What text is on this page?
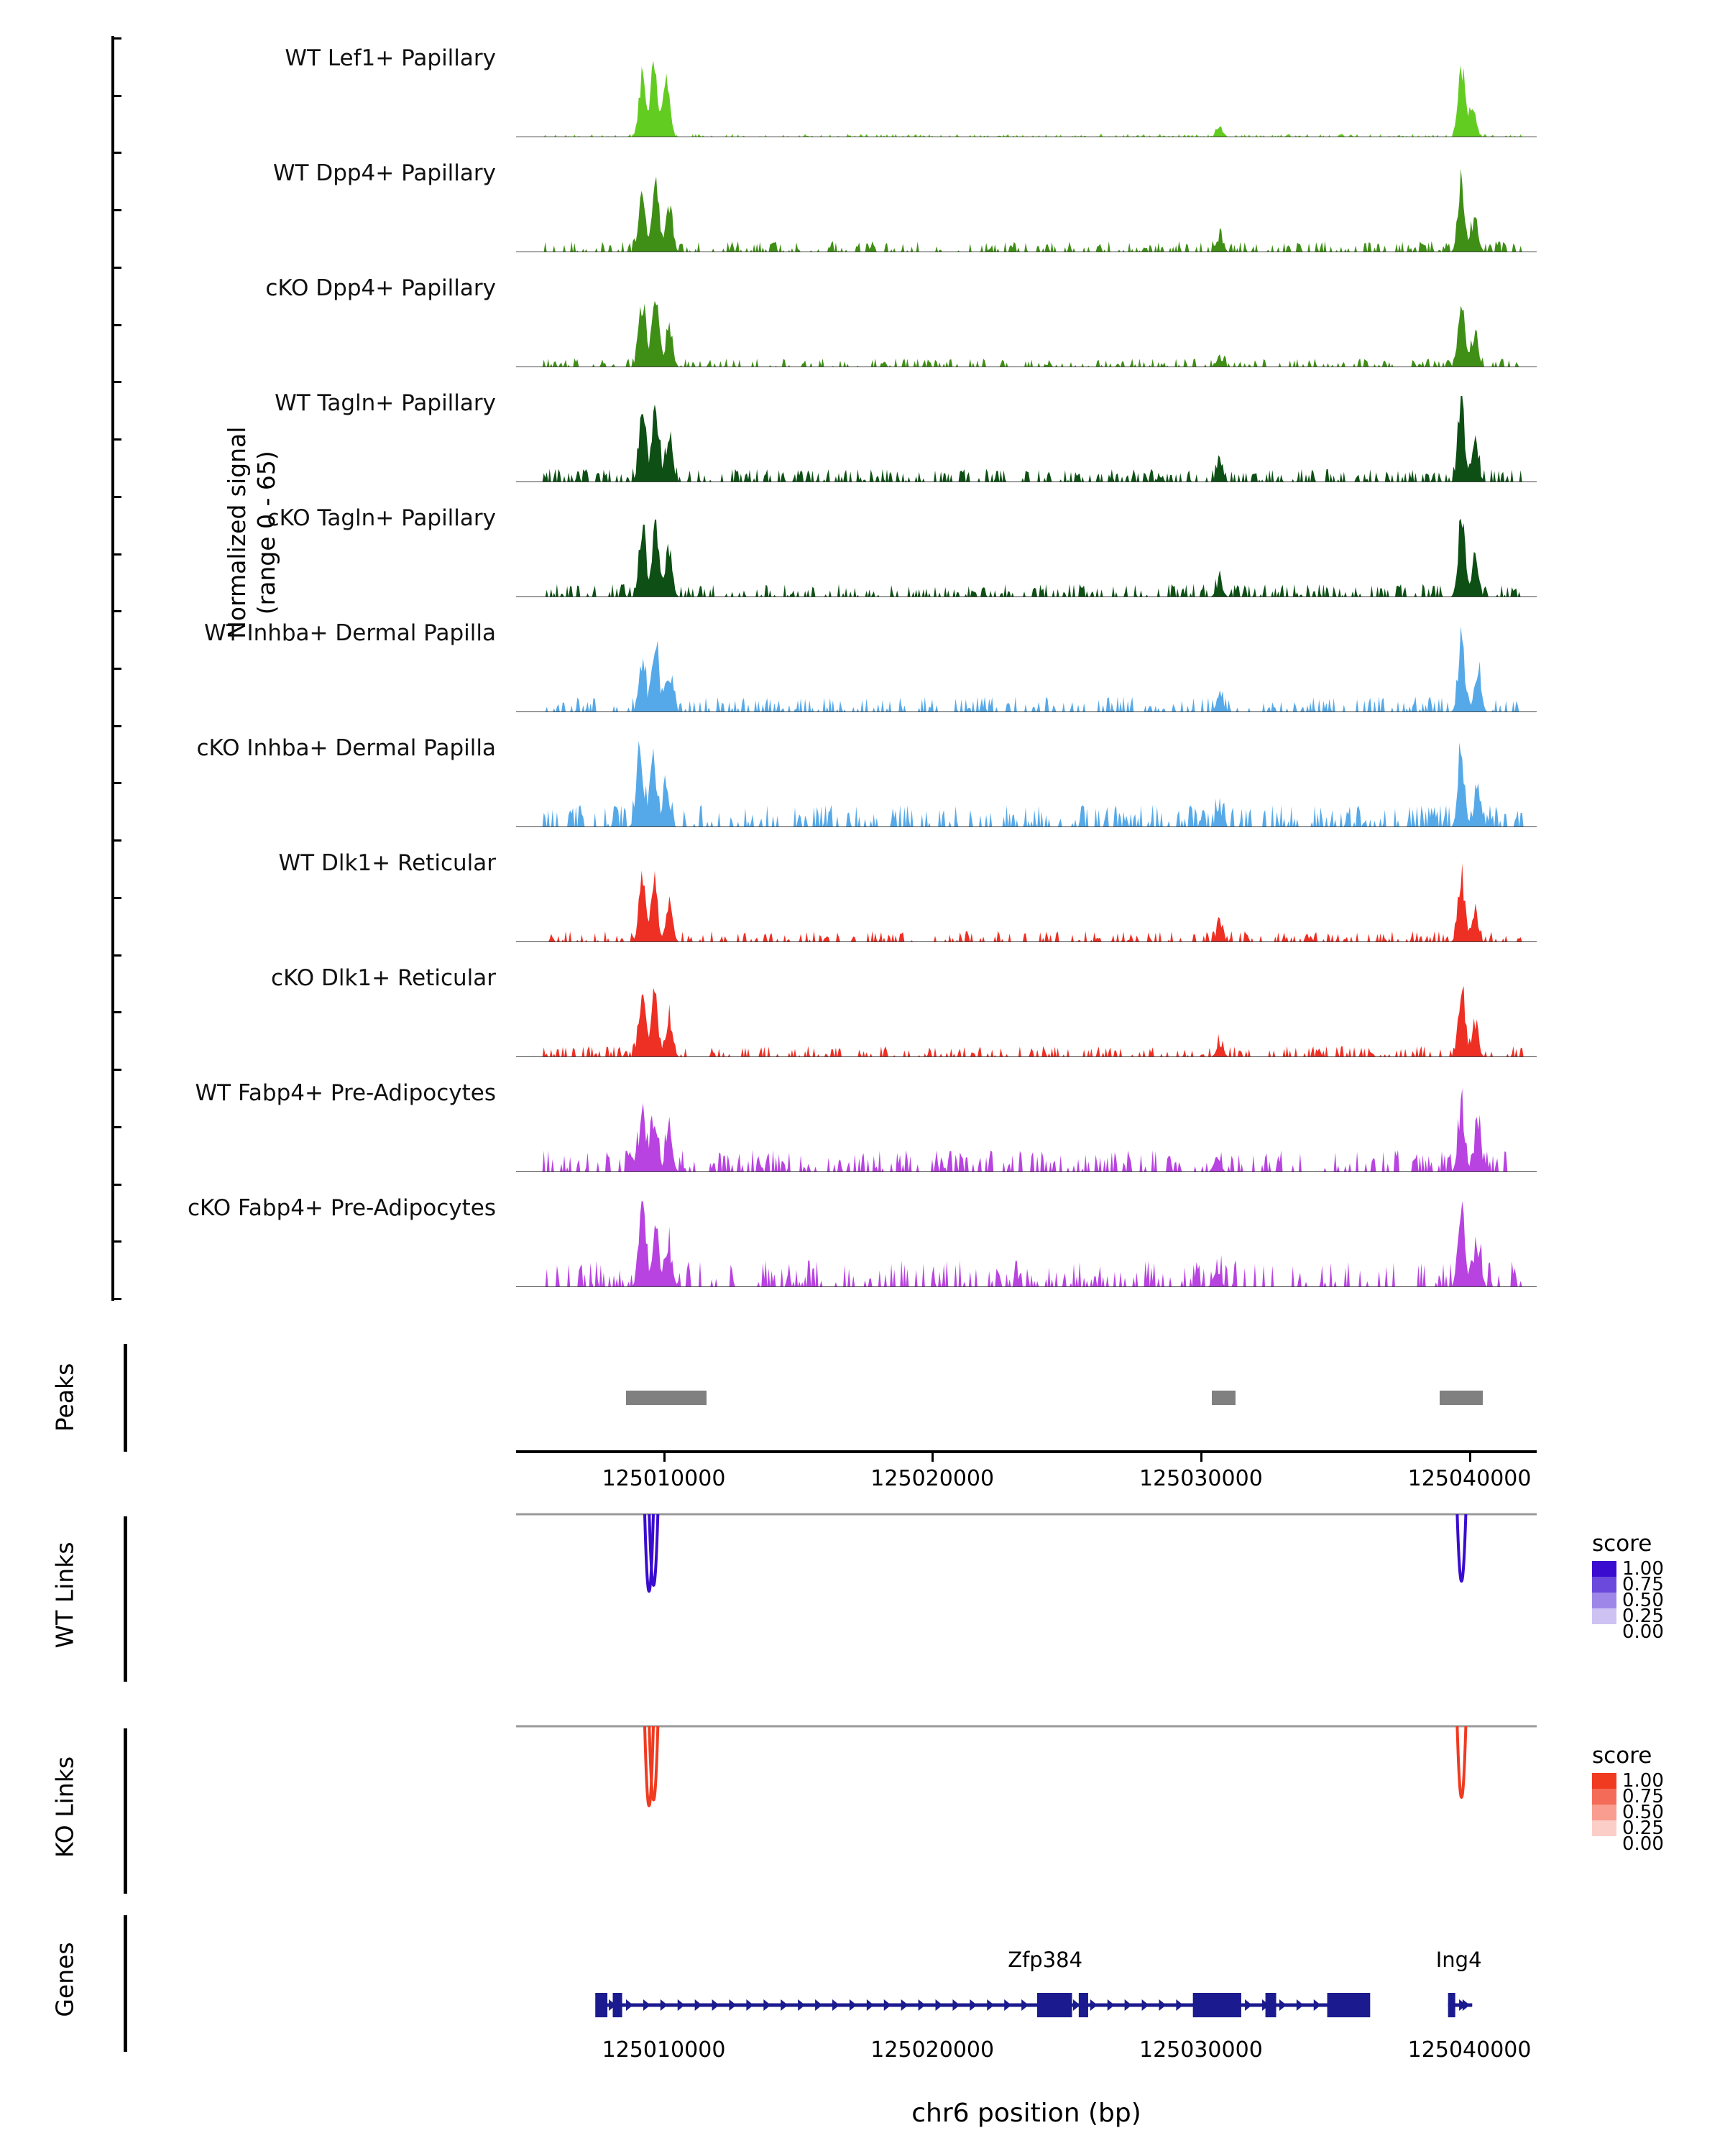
Normalized signal
(range 0 - 65)
WT Lef1+ Papillary
WT Dpp4+ Papillary
cKO Dpp4+ Papillary
WT Tagln+ Papillary
cKO Tagln+ Papillary
WT Inhba+ Dermal Papilla
cKO Inhba+ Dermal Papilla
WT Dlk1+ Reticular
cKO Dlk1+ Reticular
WT Fabp4+ Pre-Adipocytes
cKO Fabp4+ Pre-Adipocytes
Peaks
125010000	125020000	125030000	125040000
WT Links	score
1.00
0.75
0.50
0.25
0.00
KO Links
score
1.00
0.75
0.50
0.25
0.00
Genes	Zfp384	Ing4
125010000	125020000	125030000	125040000
chr6 position (bp)
